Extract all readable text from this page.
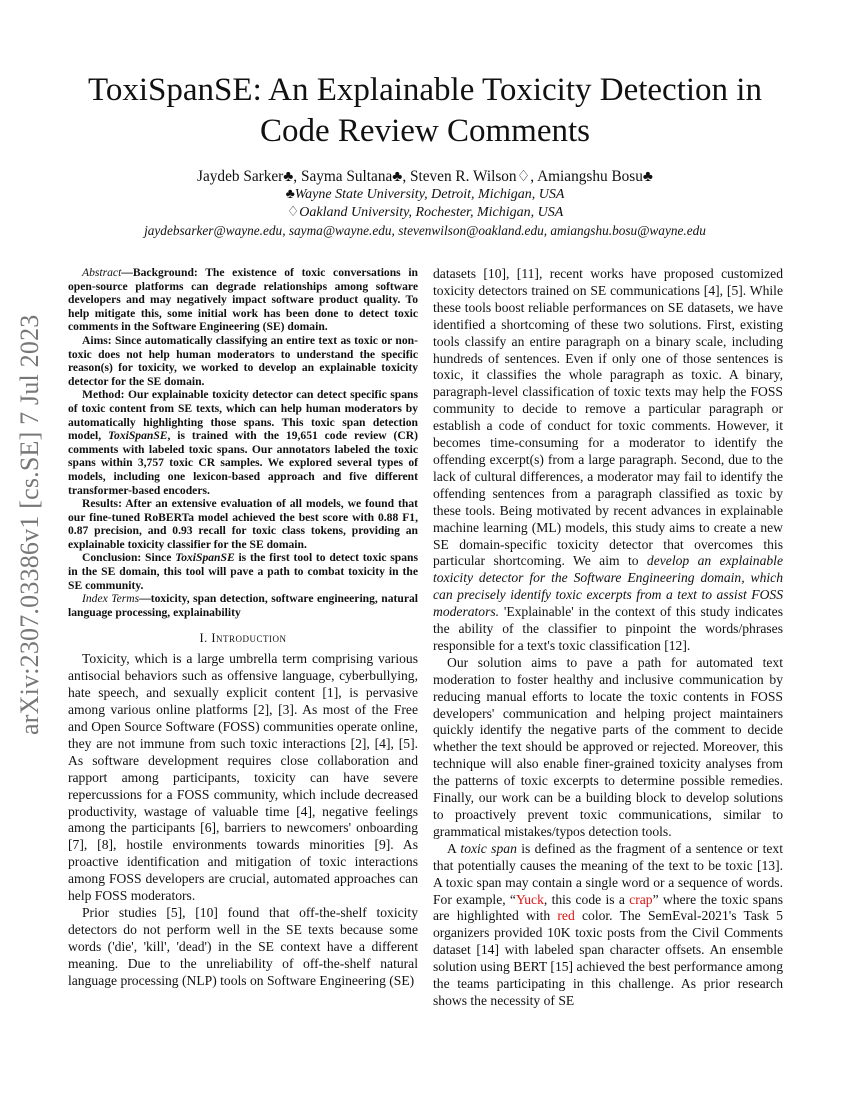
arXiv:2307.03386v1 [cs.SE] 7 Jul 2023
ToxiSpanSE: An Explainable Toxicity Detection in
Code Review Comments
Jaydeb Sarker♣, Sayma Sultana♣, Steven R. Wilson♢, Amiangshu Bosu♣
♣Wayne State University, Detroit, Michigan, USA
♢Oakland University, Rochester, Michigan, USA
jaydebsarker@wayne.edu, sayma@wayne.edu, stevenwilson@oakland.edu, amiangshu.bosu@wayne.edu

Abstract—Background: The existence of toxic conversations in open-source platforms can degrade relationships among software developers and may negatively impact software product quality. To help mitigate this, some initial work has been done to detect toxic comments in the Software Engineering (SE) domain.

Aims: Since automatically classifying an entire text as toxic or non-toxic does not help human moderators to understand the specific reason(s) for toxicity, we worked to develop an explainable toxicity detector for the SE domain.

Method: Our explainable toxicity detector can detect specific spans of toxic content from SE texts, which can help human moderators by automatically highlighting those spans. This toxic span detection model, ToxiSpanSE, is trained with the 19,651 code review (CR) comments with labeled toxic spans. Our annotators labeled the toxic spans within 3,757 toxic CR samples. We explored several types of models, including one lexicon-based approach and five different transformer-based encoders.

Results: After an extensive evaluation of all models, we found that our fine-tuned RoBERTa model achieved the best score with 0.88 F1, 0.87 precision, and 0.93 recall for toxic class tokens, providing an explainable toxicity classifier for the SE domain.

Conclusion: Since ToxiSpanSE is the first tool to detect toxic spans in the SE domain, this tool will pave a path to combat toxicity in the SE community.

Index Terms—toxicity, span detection, software engineering, natural language processing, explainability

I. Introduction

Toxicity, which is a large umbrella term comprising various antisocial behaviors such as offensive language, cyberbullying, hate speech, and sexually explicit content [1], is pervasive among various online platforms [2], [3]. As most of the Free and Open Source Software (FOSS) communities operate online, they are not immune from such toxic interactions [2], [4], [5]. As software development requires close collaboration and rapport among participants, toxicity can have severe repercussions for a FOSS community, which include decreased productivity, wastage of valuable time [4], negative feelings among the participants [6], barriers to newcomers' onboarding [7], [8], hostile environments towards minorities [9]. As proactive identification and mitigation of toxic interactions among FOSS developers are crucial, automated approaches can help FOSS moderators.

Prior studies [5], [10] found that off-the-shelf toxicity detectors do not perform well in the SE texts because some words ('die', 'kill', 'dead') in the SE context have a different meaning. Due to the unreliability of off-the-shelf natural language processing (NLP) tools on Software Engineering (SE)

datasets [10], [11], recent works have proposed customized toxicity detectors trained on SE communications [4], [5]. While these tools boost reliable performances on SE datasets, we have identified a shortcoming of these two solutions. First, existing tools classify an entire paragraph on a binary scale, including hundreds of sentences. Even if only one of those sentences is toxic, it classifies the whole paragraph as toxic. A binary, paragraph-level classification of toxic texts may help the FOSS community to decide to remove a particular paragraph or establish a code of conduct for toxic comments. However, it becomes time-consuming for a moderator to identify the offending excerpt(s) from a large paragraph. Second, due to the lack of cultural differences, a moderator may fail to identify the offending sentences from a paragraph classified as toxic by these tools. Being motivated by recent advances in explainable machine learning (ML) models, this study aims to create a new SE domain-specific toxicity detector that overcomes this particular shortcoming. We aim to develop an explainable toxicity detector for the Software Engineering domain, which can precisely identify toxic excerpts from a text to assist FOSS moderators. 'Explainable' in the context of this study indicates the ability of the classifier to pinpoint the words/phrases responsible for a text's toxic classification [12].

Our solution aims to pave a path for automated text moderation to foster healthy and inclusive communication by reducing manual efforts to locate the toxic contents in FOSS developers' communication and helping project maintainers quickly identify the negative parts of the comment to decide whether the text should be approved or rejected. Moreover, this technique will also enable finer-grained toxicity analyses from the patterns of toxic excerpts to determine possible remedies. Finally, our work can be a building block to develop solutions to proactively prevent toxic communications, similar to grammatical mistakes/typos detection tools.

A toxic span is defined as the fragment of a sentence or text that potentially causes the meaning of the text to be toxic [13]. A toxic span may contain a single word or a sequence of words. For example, “Yuck, this code is a crap” where the toxic spans are highlighted with red color. The SemEval-2021's Task 5 organizers provided 10K toxic posts from the Civil Comments dataset [14] with labeled span character offsets. An ensemble solution using BERT [15] achieved the best performance among the teams participating in this challenge. As prior research shows the necessity of SE
